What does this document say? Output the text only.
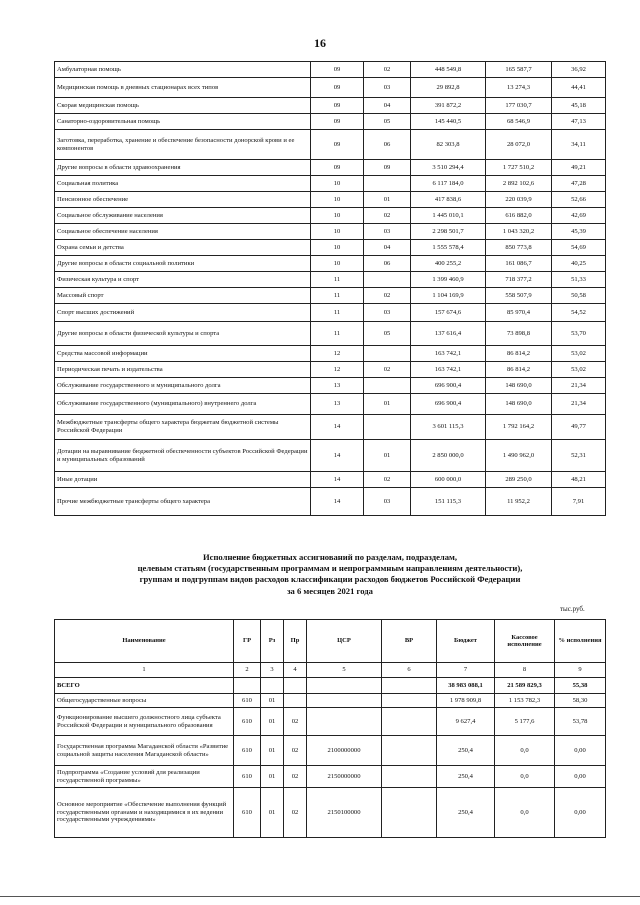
16
Амбулаторная помощь	09	02	448 549,8	165 587,7	36,92
Медицинская помощь в дневных стационарах всех типов	09	03	29 892,8	13 274,3	44,41
Скорая медицинская помощь	09	04	391 872,2	177 030,7	45,18
Санаторно-оздоровительная помощь	09	05	145 440,5	68 546,9	47,13
Заготовка, переработка, хранение и обеспечение безопасности донорской крови и ее компонентов	09	06	82 303,8	28 072,0	34,11
Другие вопросы в области здравоохранения	09	09	3 510 294,4	1 727 510,2	49,21
Социальная политика	10		6 117 184,0	2 892 102,6	47,28
Пенсионное обеспечение	10	01	417 838,6	220 039,9	52,66
Социальное обслуживание населения	10	02	1 445 010,1	616 882,0	42,69
Социальное обеспечение населения	10	03	2 298 501,7	1 043 320,2	45,39
Охрана семьи и детства	10	04	1 555 578,4	850 773,8	54,69
Другие вопросы в области социальной политики	10	06	400 255,2	161 086,7	40,25
Физическая культура и спорт	11		1 399 460,9	718 377,2	51,33
Массовый спорт	11	02	1 104 169,9	558 507,9	50,58
Спорт высших достижений	11	03	157 674,6	85 970,4	54,52
Другие вопросы в области физической культуры и спорта	11	05	137 616,4	73 898,8	53,70
Средства массовой информации	12		163 742,1	86 814,2	53,02
Периодическая печать и издательства	12	02	163 742,1	86 814,2	53,02
Обслуживание государственного и муниципального долга	13		696 900,4	148 690,0	21,34
Обслуживание государственного (муниципального) внутреннего долга	13	01	696 900,4	148 690,0	21,34
Межбюджетные трансферты общего характера бюджетам бюджетной системы Российской Федерации	14		3 601 115,3	1 792 164,2	49,77
Дотации на выравнивание бюджетной обеспеченности субъектов Российской Федерации и муниципальных образований	14	01	2 850 000,0	1 490 962,0	52,31
Иные дотации	14	02	600 000,0	289 250,0	48,21
Прочие межбюджетные трансферты общего характера	14	03	151 115,3	11 952,2	7,91
Исполнение бюджетных ассигнований по разделам, подразделам,
целевым статьям (государственным программам и непрограммным направлениям деятельности),
группам и подгруппам видов расходов классификации расходов бюджетов Российской Федерации
за 6 месяцев 2021 года
тыс.руб.
Наименование	ГР	Рз	Пр	ЦСР	ВР	Бюджет	Кассовое исполнение	% исполнения
1	2	3	4	5	6	7	8	9
ВСЕГО						38 983 088,1	21 589 829,3	55,38
Общегосударственные вопросы	610	01				1 978 909,8	1 153 782,3	58,30
Функционирование высшего должностного лица субъекта Российской Федерации и муниципального образования	610	01	02			9 627,4	5 177,6	53,78
Государственная программа Магаданской области «Развитие социальной защиты населения Магаданской области»	610	01	02	2100000000		250,4	0,0	0,00
Подпрограмма «Создание условий для реализации государственной программы»	610	01	02	2150000000		250,4	0,0	0,00
Основное мероприятие «Обеспечение выполнения функций государственными органами и находящимися в их ведении государственными учреждениями»	610	01	02	2150100000		250,4	0,0	0,00
